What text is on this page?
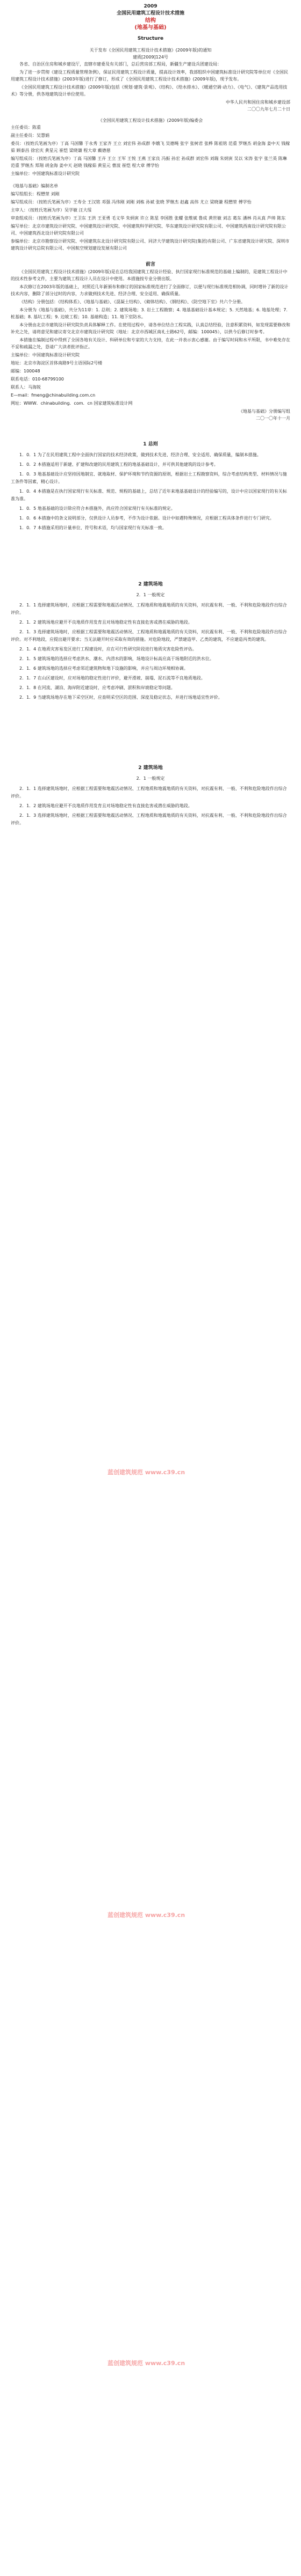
2009
全国民用建筑工程设计技术措施
结构
(地基与基础)
Structure
关于发布《全国民用建筑工程设计技术措施》(2009年版)的通知
建质[2009]124号

各省、自治区住房和城乡建设厅，直辖市建委及有关部门，总后营房部工程局，新疆生产建设兵团建设局：

为了进一步贯彻《建设工程质量管理条例》，保证民用建筑工程设计质量，提高设计效率，我部组织中国建筑标准设计研究院等单位对《全国民用建筑工程设计技术措施》(2003年版)进行了修订，形成了《全国民用建筑工程设计技术措施》(2009年版)，现予发布。

《全国民用建筑工程设计技术措施》(2009年版)包括《规划·建筑·景观》、《结构》、《给水排水》、《暖通空调·动力》、《电气》、《建筑产品选用技术》等分册，供各地建筑设计单位使用。

中华人民共和国住房和城乡建设部
二〇〇九年七月二十日
《全国民用建筑工程设计技术措施》(2009年版)编委会

主任委员：陈重

副主任委员：吴慧娟

委员：（按姓氏笔画为序）丁高 马国馨 于永秀 王家齐 王立 刘宏伟 孙成群 李娥飞 吴德绳 张宇 张树君 张桦 陈祖铭 范重 罗继杰 胡金海 姜中天 钱稼茹 顾泰昌 徐宏庆 黄星元 崔恺 梁晓谦 程大章 戴德慈

编写组成员：（按姓氏笔画为序）丁高 马国馨 王卉 王立 王军 王悦 王燕 王家良 冯振 孙宏 孙成群 刘宏伟 刘瑞 朱炳寅 吴以 宋涛 张宇 张兰英 陈琳 范重 罗继杰 郑翔 胡金海 姜中天 赵晓 钱稼茹 黄星元 曹波 崔恺 程大章 傅学怡

主编单位：中国建筑标准设计研究院

《地基与基础》编制名单

编写组组长：程懋堃 刘刚

编写组成员：（按姓氏笔画为序）王寿全 王汉铭 邓强 冯伟刚 刘刚 刘栋 孙斌 张晓 罗继杰 赵鑫 高伟 尤立 梁晓谦 程懋堃 傅学怡

主审人：（按姓氏笔画为序）吴学敏 汪大绥

审查组成员：（按姓氏笔画为序）王卫东 王洪 王亚勇 毛义华 朱炳寅 许立 陈星 李国胜 张耀 张维斌 鲁成 黄世敏 刘志 葛东 潘林 肖从真 芦帅 陈东

编写单位：北京市建筑设计研究院、中国建筑设计研究院、中国建筑科学研究院、华东建筑设计研究院有限公司、中国建筑西南设计研究院有限公司、中国建筑西北设计研究院有限公司

参编单位：北京市勘察设计研究院、中国建筑东北设计研究院有限公司、同济大学建筑设计研究院(集团)有限公司、广东省建筑设计研究院、深圳市建筑设计研究总院有限公司、中国航空规划建设发展有限公司

前言

《全国民用建筑工程设计技术措施》(2009年版)是在总结我国建筑工程设计经验、执行国家现行标准规范的基础上编制的，是建筑工程设计中的技术性参考文件，主要为建筑工程设计人员在设计中使用。本措施按专业分册出版。

本次修订在2003年版的基础上，对照近几年新颁布和修订的国家标准规范进行了全面修订，以便与现行标准规范相协调，同时增补了新的设计技术内容，删除了部分过时的内容，力求做到技术先进、经济合理、安全适用、确保质量。

《结构》分册包括：《结构体系》、《地基与基础》、《混凝土结构》、《砌体结构》、《钢结构》、《防空地下室》共六个分册。

本分册为《地基与基础》，共分为11章：1. 总则；2. 建筑场地；3. 岩土工程勘察；4. 地基基础设计基本规定；5. 天然地基；6. 地基处理；7. 桩基础；8. 基坑工程；9. 边坡工程；10. 基础构造；11. 地下室防水。

本分册由北京市建筑设计研究院负责具体解释工作。在使用过程中，请各单位结合工程实践，认真总结经验，注意积累资料，如发现需要修改和补充之处，请将意见和建议寄交北京市建筑设计研究院（地址：北京市西城区南礼士路62号，邮编：100045），以供今后修订时参考。

本措施在编制过程中得到了全国各地有关设计、科研单位和专家的大力支持，在此一并表示衷心感谢。由于编写时间和水平所限，书中难免存在不妥和疏漏之处，恳请广大读者批评指正。

主编单位：中国建筑标准设计研究院

地址：北京市海淀区首体南路9号主语国际2号楼

邮编：100048

联系电话：010-68799100

联系人：马海锐

E—mail：fmeng@chinabuilding.com.cn

网址：WWW．chinabuilding．com．cn 国家建筑标准设计网

《地基与基础》分册编写组
二〇一〇年十一月
1 总则

1．0．1 为了在民用建筑工程中全面执行国家的技术经济政策，做到技术先进、经济合理、安全适用、确保质量，编制本措施。

1．0．2 本措施适用于新建、扩建和改建的民用建筑工程的地基基础设计，并可供其他建筑的设计参考。

1．0．3 地基基础设计应坚持因地制宜、就地取材、保护环境和节约资源的原则，根据岩土工程勘察资料，综合考虑结构类型、材料情况与施工条件等因素，精心设计。

1．0．4 本措施是在执行国家现行有关标准、规范、规程的基础上，总结了近年来地基基础设计的经验编写的，设计中应以国家现行的有关标准为准。

1．0．5 地基基础的设计除应符合本措施外，尚应符合国家现行有关标准的规定。

1．0．6 本措施中的条文说明部分，仅供设计人员参考，不作为设计依据。设计中如遇特殊情况，应根据工程具体条件进行专门研究。

1．0．7 本措施采用的计量单位、符号和术语，均与国家现行有关标准一致。

2 建筑场地
2．1 一般规定

2．1．1 选择建筑场地时，应根据工程需要和地震活动情况、工程地质和地震地质的有关资料，对抗震有利、一般、不利和危险地段作出综合评价。

2．1．2 建筑场地应避开不良地质作用发育且对场地稳定性有直接危害或潜在威胁的地段。

2．1．3 选择建筑场地时，应根据工程需要和地震活动情况、工程地质和地震地质的有关资料，对抗震有利、一般、不利和危险地段作出综合评价。对不利地段，应提出避开要求；当无法避开时应采取有效的措施。对危险地段，严禁建造甲、乙类的建筑，不应建造丙类的建筑。

2．1．4 在地质灾害易发区进行工程建设时，应在可行性研究阶段进行地质灾害危险性评估。

2．1．5 建筑场地的选择应考虑洪水、潮水、内涝水的影响，场地设计标高应高于场地附近的洪水位。

2．1．6 建筑场地的选择应考虑邻近建筑物和地下设施的影响，并应与周边环境相协调。

2．1．7 在山区建设时，应对场地的稳定性进行评价，避开滑坡、崩塌、泥石流等不良地质地段。

2．1．8 在河流、湖泊、海岸附近建设时，应考虑冲刷、淤积和岸坡稳定等问题。

2．1．9 当建筑场地存在地下采空区时，应查明采空区的范围、深度及稳定状态，并进行场地适宜性评价。

2 建筑场地
2．1 一般规定

2．1．1 选择建筑场地时，应根据工程需要和地震活动情况、工程地质和地震地质的有关资料，对抗震有利、一般、不利和危险地段作出综合评价。

2．1．2 建筑场地应避开不良地质作用发育且对场地稳定性有直接危害或潜在威胁的地段。

2．1．3 选择建筑场地时，应根据工程需要和地震活动情况、工程地质和地震地质的有关资料，对抗震有利、一般、不利和危险地段作出综合评价。

蓝创建筑规范 www.c39.cn
蓝创建筑规范 www.c39.cn
蓝创建筑规范 www.c39.cn
